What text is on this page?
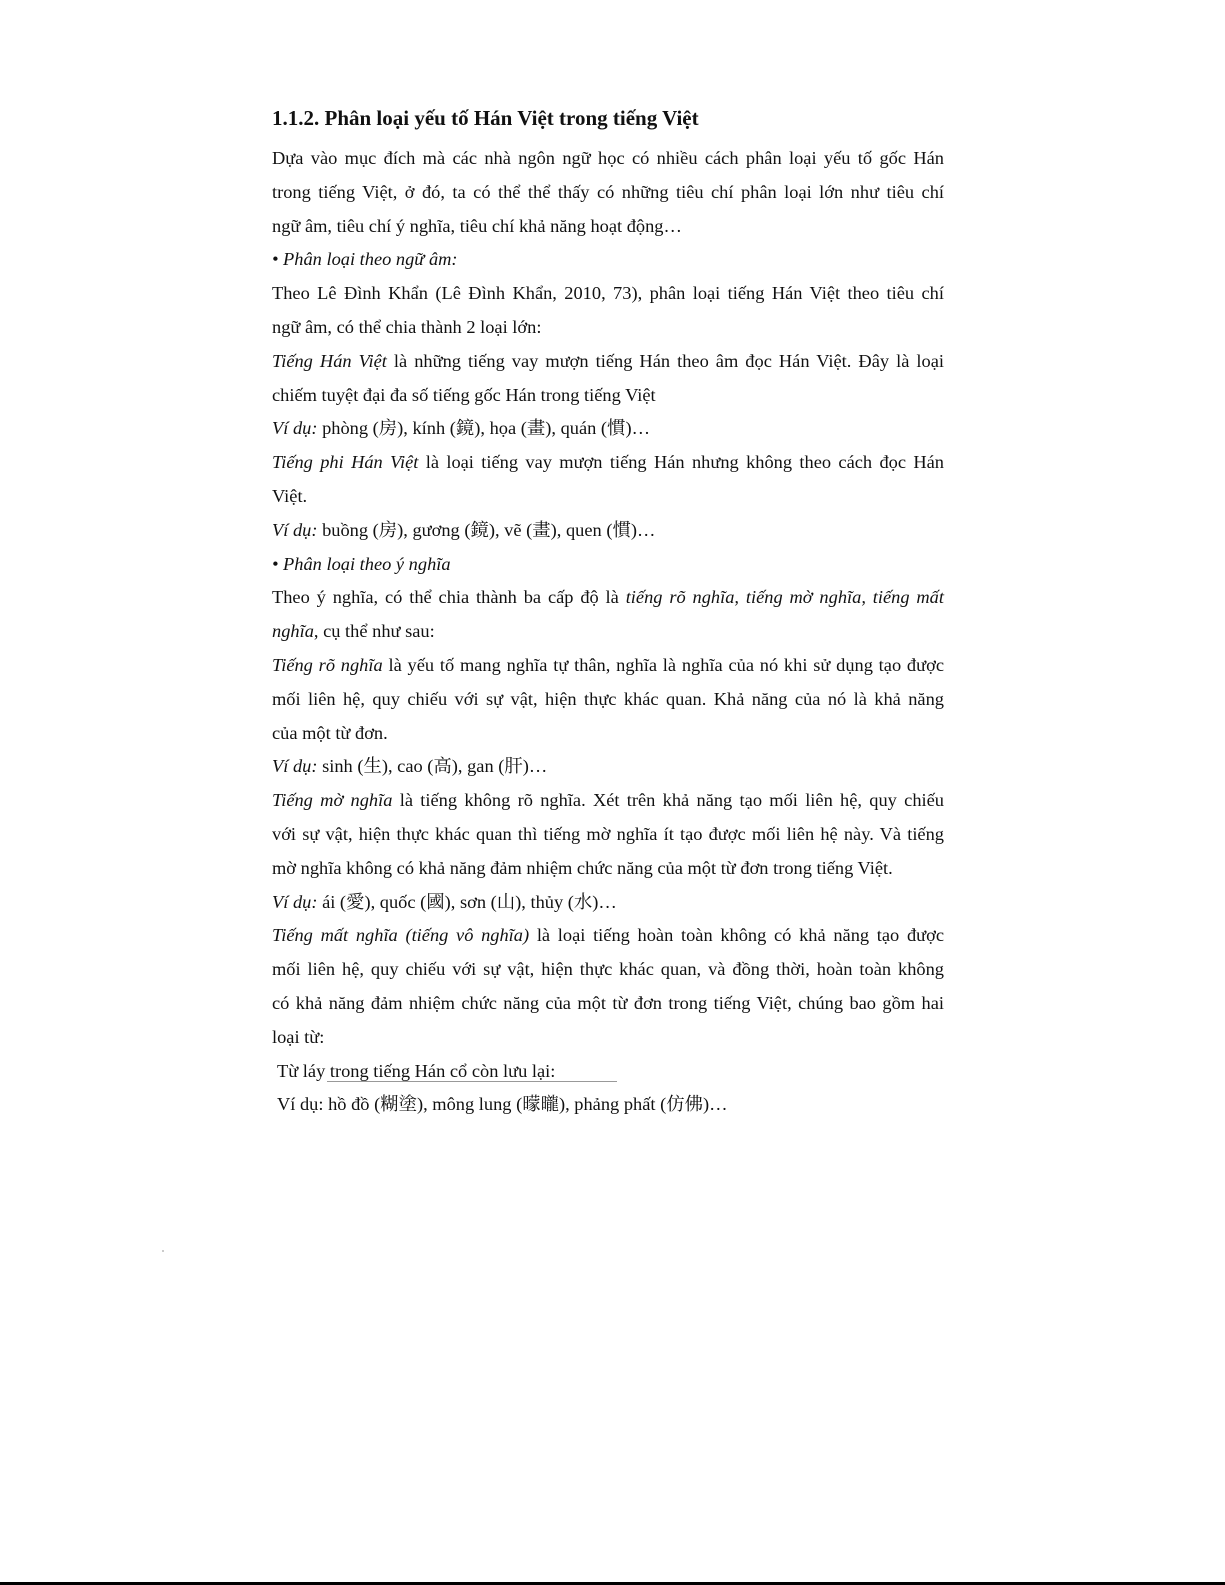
1.1.2. Phân loại yếu tố Hán Việt trong tiếng Việt
Dựa vào mục đích mà các nhà ngôn ngữ học có nhiều cách phân loại yếu tố gốc Hán
trong tiếng Việt, ở đó, ta có thể thể thấy có những tiêu chí phân loại lớn như tiêu chí
ngữ âm, tiêu chí ý nghĩa, tiêu chí khả năng hoạt động…
• Phân loại theo ngữ âm:
Theo Lê Đình Khẩn (Lê Đình Khẩn, 2010, 73), phân loại tiếng Hán Việt theo tiêu chí
ngữ âm, có thể chia thành 2 loại lớn:
Tiếng Hán Việt là những tiếng vay mượn tiếng Hán theo âm đọc Hán Việt. Đây là loại
chiếm tuyệt đại đa số tiếng gốc Hán trong tiếng Việt
Ví dụ: phòng (房), kính (鏡), họa (畫), quán (慣)…
Tiếng phi Hán Việt là loại tiếng vay mượn tiếng Hán nhưng không theo cách đọc Hán
Việt.
Ví dụ: buồng (房), gương (鏡), vẽ (畫), quen (慣)…
• Phân loại theo ý nghĩa
Theo ý nghĩa, có thể chia thành ba cấp độ là tiếng rõ nghĩa, tiếng mờ nghĩa, tiếng mất
nghĩa, cụ thể như sau:
Tiếng rõ nghĩa là yếu tố mang nghĩa tự thân, nghĩa là nghĩa của nó khi sử dụng tạo được
mối liên hệ, quy chiếu với sự vật, hiện thực khác quan. Khả năng của nó là khả năng
của một từ đơn.
Ví dụ: sinh (生), cao (高), gan (肝)…
Tiếng mờ nghĩa là tiếng không rõ nghĩa. Xét trên khả năng tạo mối liên hệ, quy chiếu
với sự vật, hiện thực khác quan thì tiếng mờ nghĩa ít tạo được mối liên hệ này. Và tiếng
mờ nghĩa không có khả năng đảm nhiệm chức năng của một từ đơn trong tiếng Việt.
Ví dụ: ái (愛), quốc (國), sơn (山), thủy (水)…
Tiếng mất nghĩa (tiếng vô nghĩa) là loại tiếng hoàn toàn không có khả năng tạo được
mối liên hệ, quy chiếu với sự vật, hiện thực khác quan, và đồng thời, hoàn toàn không
có khả năng đảm nhiệm chức năng của một từ đơn trong tiếng Việt, chúng bao gồm hai
loại từ:
Từ láy trong tiếng Hán cổ còn lưu lại:
Ví dụ: hồ đồ (糊塗), mông lung (曚曨), phảng phất (仿佛)…
